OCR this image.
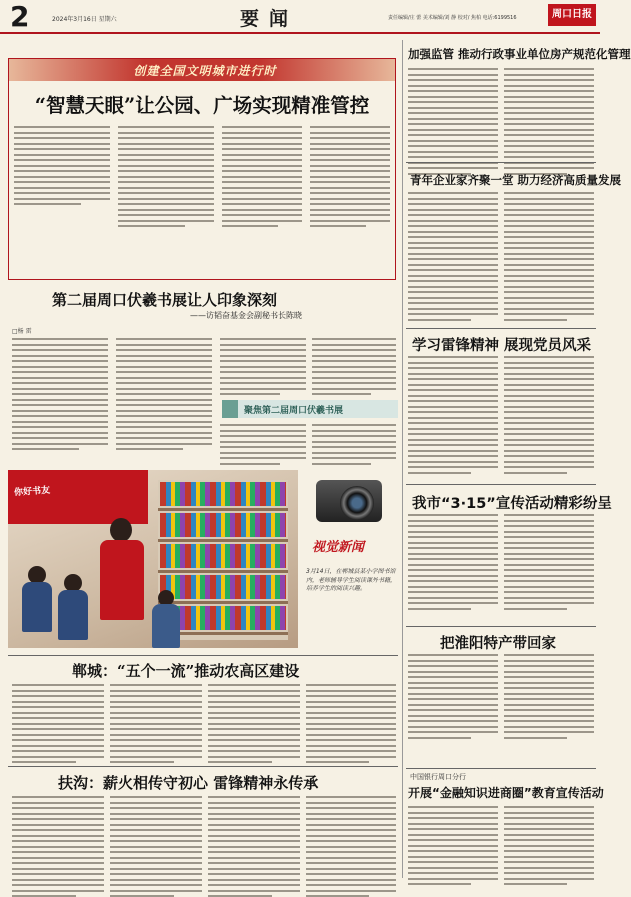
2	2024年3月16日 星期六	要闻	责任编辑/庄 蕾 美术编辑/刘 静 校对/ 焦柏 电话:6199516	周口日报
创建全国文明城市进行时
“智慧天眼”让公园、广场实现精准管控
第二届周口伏羲书展让人印象深刻
——访韬奋基金会副秘书长陈晓
□杨 雷
聚焦第二届周口伏羲书展
你好书友
视觉新闻
3月14日，在郸城县某小学图书馆内，老师辅导学生阅读课外书籍，培养学生的阅读兴趣。
郸城：“五个一流”推动农高区建设
扶沟：薪火相传守初心 雷锋精神永传承
加强监管 推动行政事业单位房产规范化管理
青年企业家齐聚一堂 助力经济高质量发展
学习雷锋精神 展现党员风采
我市“3·15”宣传活动精彩纷呈
把淮阳特产带回家
中国银行周口分行
开展“金融知识进商圈”教育宣传活动
